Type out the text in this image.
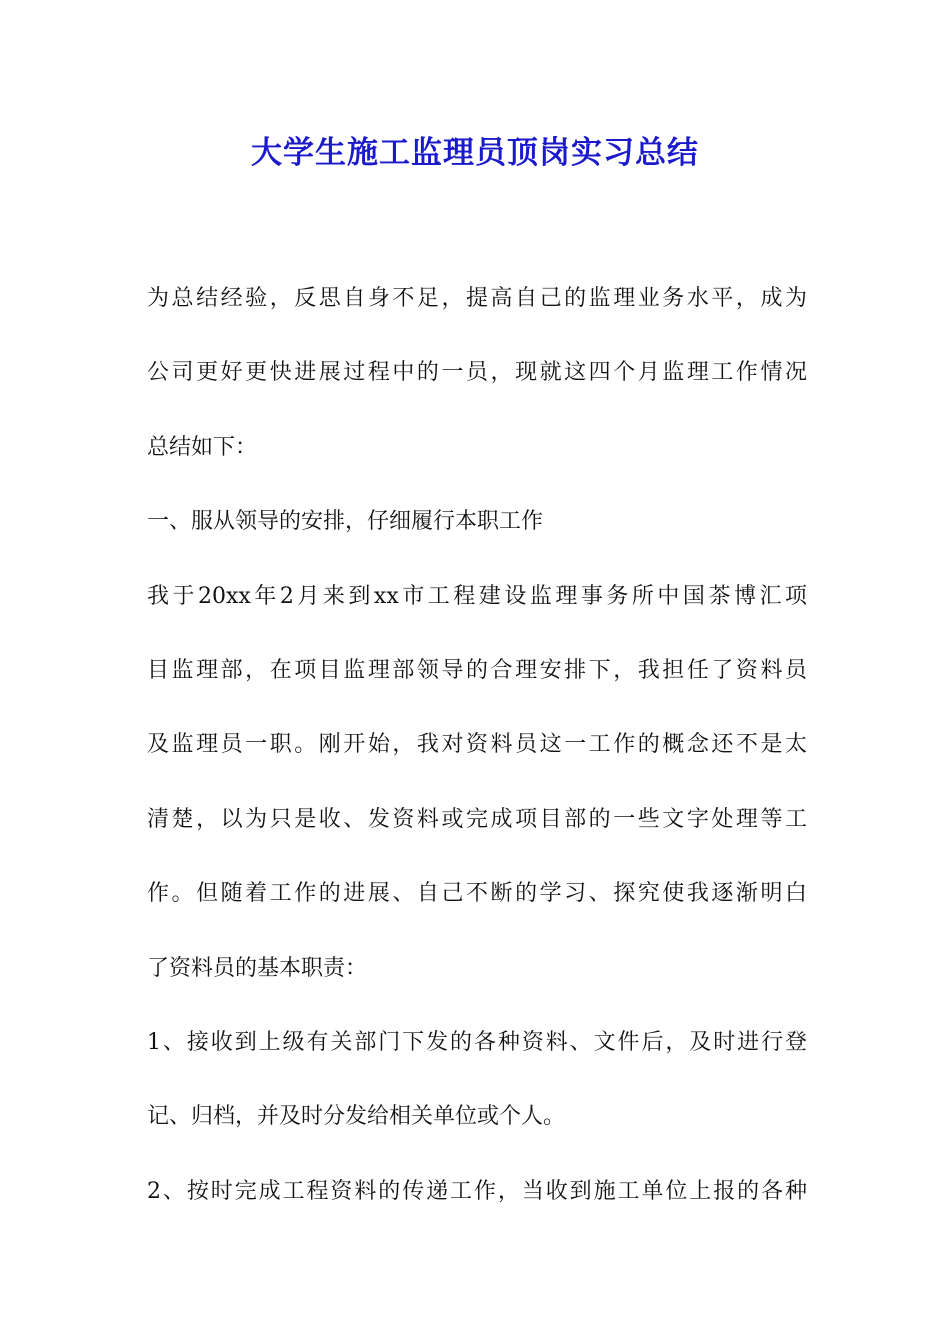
大学生施工监理员顶岗实习总结
为总结经验，反思自身不足，提高自己的监理业务水平，成为
公司更好更快进展过程中的一员，现就这四个月监理工作情况
总结如下：
一、服从领导的安排，仔细履行本职工作
我于20xx年2月来到xx市工程建设监理事务所中国茶博汇项
目监理部，在项目监理部领导的合理安排下，我担任了资料员
及监理员一职。刚开始，我对资料员这一工作的概念还不是太
清楚，以为只是收、发资料或完成项目部的一些文字处理等工
作。但随着工作的进展、自己不断的学习、探究使我逐渐明白
了资料员的基本职责：
1、接收到上级有关部门下发的各种资料、文件后，及时进行登
记、归档，并及时分发给相关单位或个人。
2、按时完成工程资料的传递工作，当收到施工单位上报的各种
